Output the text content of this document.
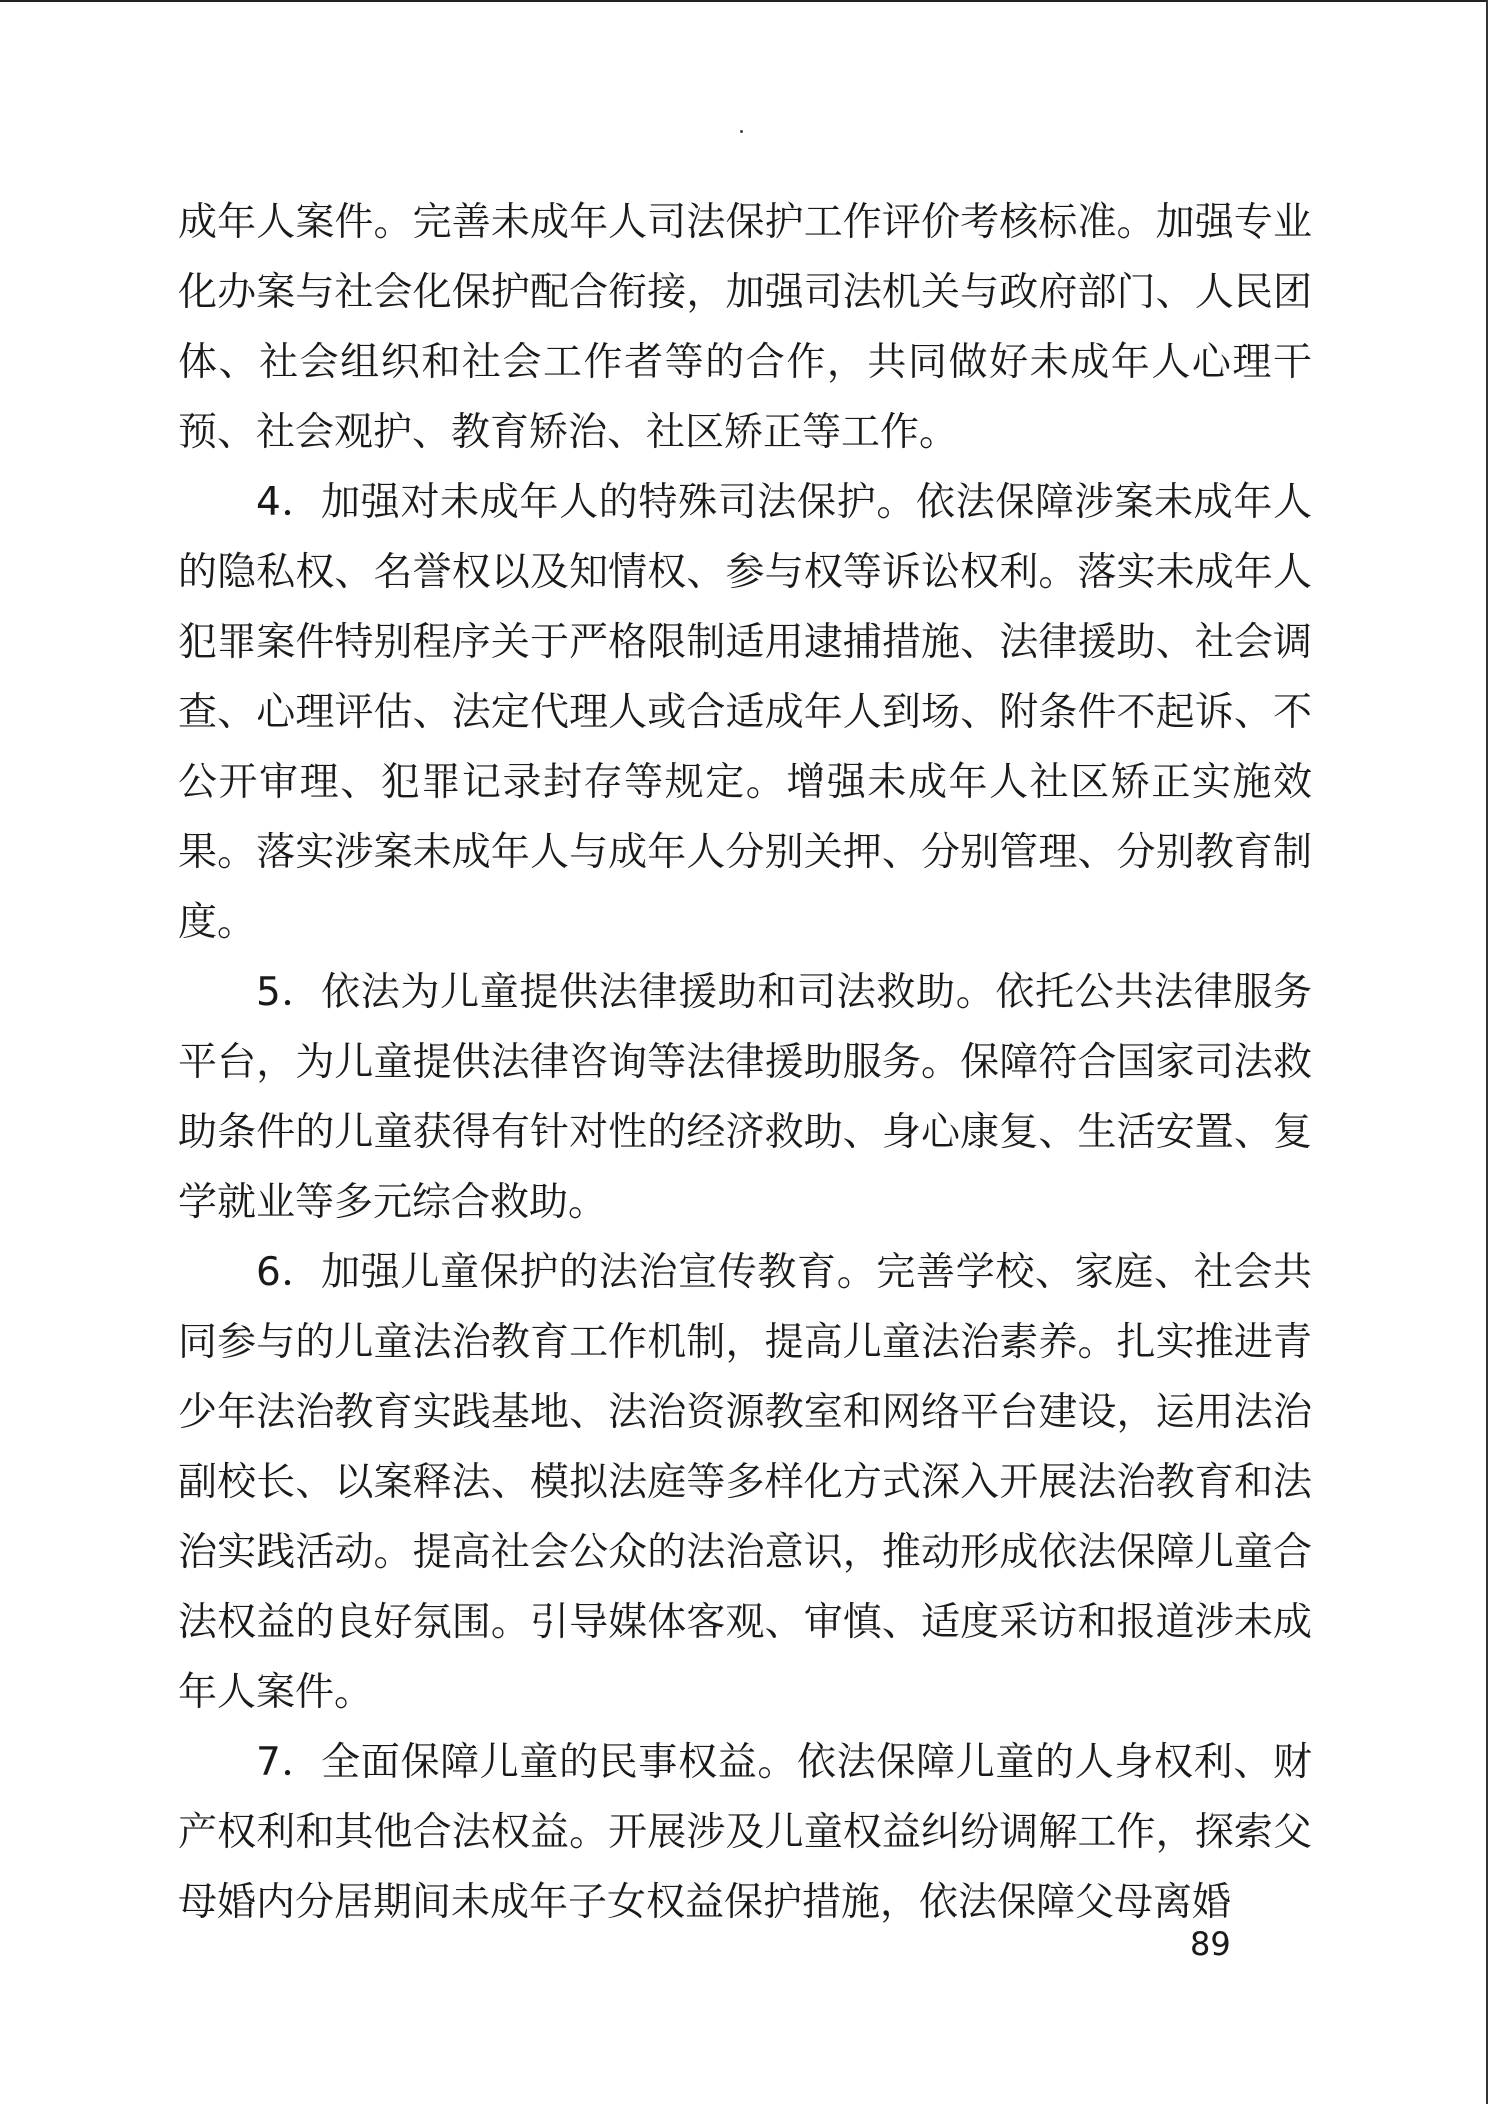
成年人案件。完善未成年人司法保护工作评价考核标准。加强专业化办案与社会化保护配合衔接，加强司法机关与政府部门、人民团体、社会组织和社会工作者等的合作，共同做好未成年人心理干预、社会观护、教育矫治、社区矫正等工作。

4．加强对未成年人的特殊司法保护。依法保障涉案未成年人的隐私权、名誉权以及知情权、参与权等诉讼权利。落实未成年人犯罪案件特别程序关于严格限制适用逮捕措施、法律援助、社会调查、心理评估、法定代理人或合适成年人到场、附条件不起诉、不公开审理、犯罪记录封存等规定。增强未成年人社区矫正实施效果。落实涉案未成年人与成年人分别关押、分别管理、分别教育制度。

5．依法为儿童提供法律援助和司法救助。依托公共法律服务平台，为儿童提供法律咨询等法律援助服务。保障符合国家司法救助条件的儿童获得有针对性的经济救助、身心康复、生活安置、复学就业等多元综合救助。

6．加强儿童保护的法治宣传教育。完善学校、家庭、社会共同参与的儿童法治教育工作机制，提高儿童法治素养。扎实推进青少年法治教育实践基地、法治资源教室和网络平台建设，运用法治副校长、以案释法、模拟法庭等多样化方式深入开展法治教育和法治实践活动。提高社会公众的法治意识，推动形成依法保障儿童合法权益的良好氛围。引导媒体客观、审慎、适度采访和报道涉未成年人案件。

7．全面保障儿童的民事权益。依法保障儿童的人身权利、财产权利和其他合法权益。开展涉及儿童权益纠纷调解工作，探索父母婚内分居期间未成年子女权益保护措施，依法保障父母离婚

89
